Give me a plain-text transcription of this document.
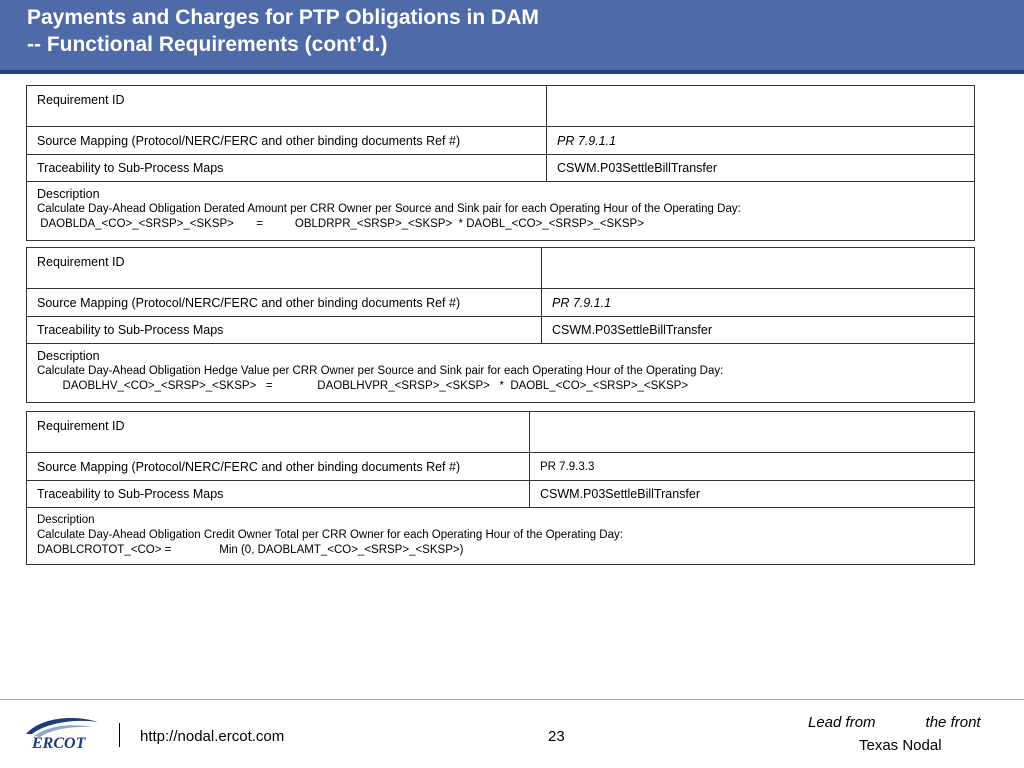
Payments and Charges for PTP Obligations in DAM
-- Functional Requirements (cont’d.)
Requirement ID	
Source Mapping (Protocol/NERC/FERC and other binding documents Ref #)	PR 7.9.1.1
Traceability to Sub-Process Maps	CSWM.P03SettleBillTransfer

Description
Calculate Day-Ahead Obligation Derated Amount per CRR Owner per Source and Sink pair for each Operating Hour of the Operating Day:
DAOBLDA_<CO>_<SRSP>_<SKSP>       =          OBLDRPR_<SRSP>_<SKSP>  * DAOBL_<CO>_<SRSP>_<SKSP>	
Requirement ID	
Source Mapping (Protocol/NERC/FERC and other binding documents Ref #)	PR 7.9.1.1
Traceability to Sub-Process Maps	CSWM.P03SettleBillTransfer

Description
Calculate Day-Ahead Obligation Hedge Value per CRR Owner per Source and Sink pair for each Operating Hour of the Operating Day:
DAOBLHV_<CO>_<SRSP>_<SKSP>   =              DAOBLHVPR_<SRSP>_<SKSP>   *  DAOBL_<CO>_<SRSP>_<SKSP>	
Requirement ID	
Source Mapping (Protocol/NERC/FERC and other binding documents Ref #)	PR 7.9.3.3
Traceability to Sub-Process Maps	CSWM.P03SettleBillTransfer

Description
Calculate Day-Ahead Obligation Credit Owner Total per CRR Owner for each Operating Hour of the Operating Day:
DAOBLCROTOT_<CO> =               Min (0, DAOBLAMT_<CO>_<SRSP>_<SKSP>)	
ERCOT	http://nodal.ercot.com	23
Lead from            the front
Texas Nodal
